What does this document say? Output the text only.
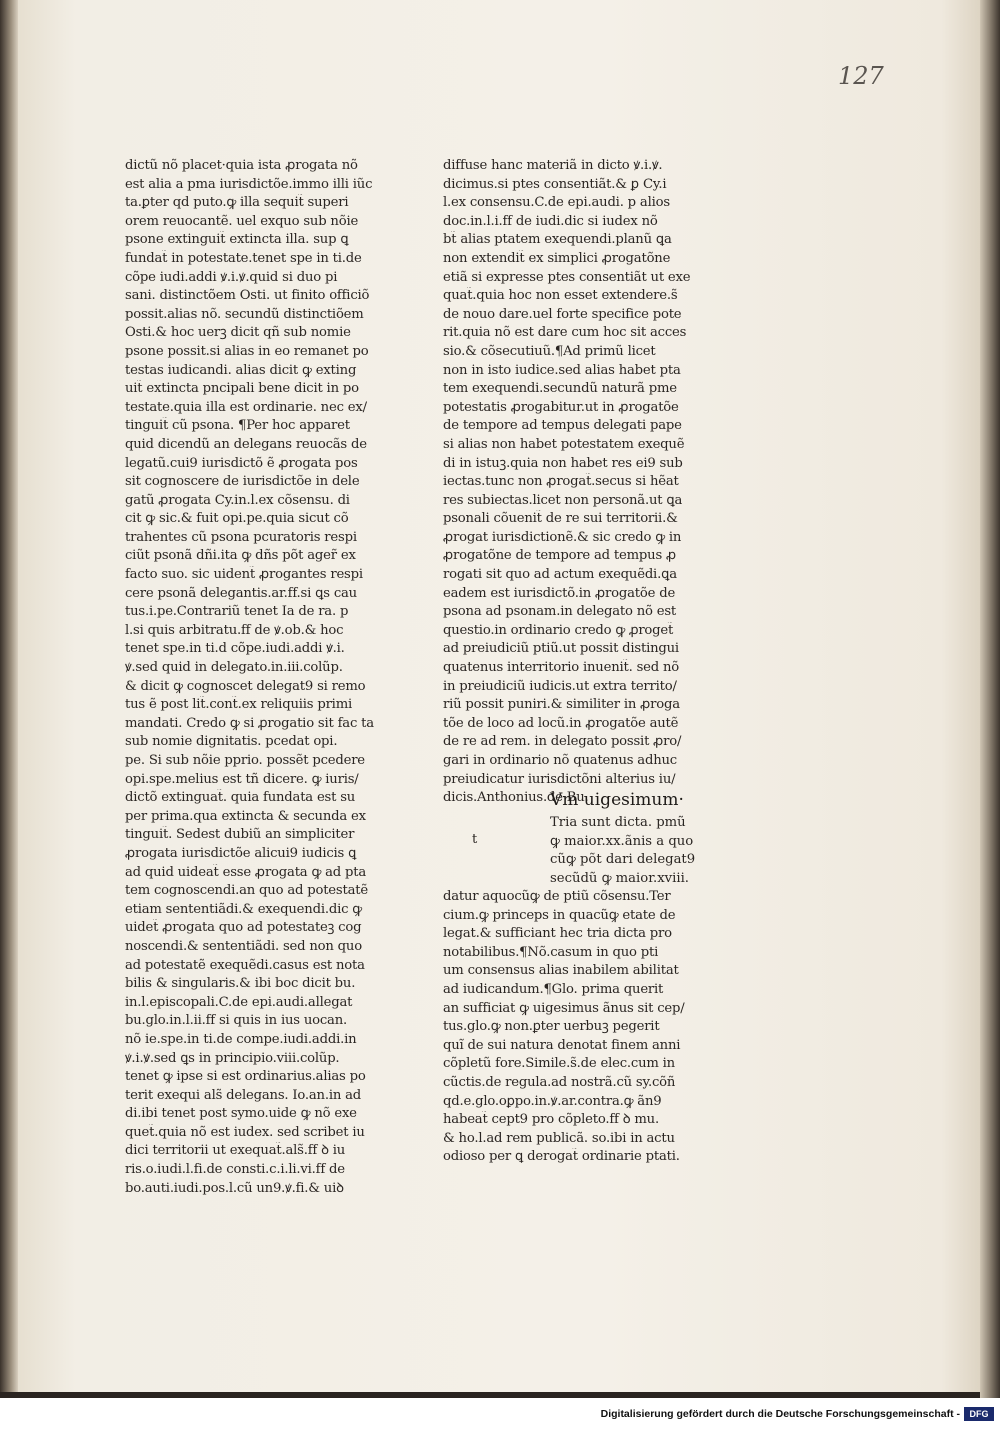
127
dictũ nõ placet·quia ista ꝓrogata nõ
est alia a pma iurisdictõe.immo illi iũc
ta.ꝑter qd puto.ꝙ illa sequit̃ superi
orem reuocantẽ. uel exquo sub nõie
psone extinguit̃ extincta illa. sup ꝗ
fundat̃ in potestate.tenet spe in ti.de
cõpe iudi.addi ꝟ.i.ꝟ.quid si duo pi
sani. distinctõem Osti. ut finito officiõ
possit.alias nõ. secundũ distinctiõem
Osti.& hoc uerꝫ dicit qñ sub nomie
psone possit.si alias in eo remanet po
testas iudicandi. alias dicit ꝙ exting
uit̃ extincta pncipali bene dicit in po
testate.quia illa est ordinarie. nec ex/
tinguit̃ cũ psona. ¶Per hoc apparet
quid dicendũ an delegans reuocãs de
legatũ.cui9 iurisdictõ ẽ ꝓrogata pos
sit cognoscere de iurisdictõe in dele
gatũ ꝓrogata Cy.in.l.ex cõsensu. di
cit ꝙ sic.& fuit opi.pe.quia sicut cõ
trahentes cũ psona pcuratoris respi
ciũt psonã dñi.ita ꝙ dñs põt ager̃ ex
facto suo. sic uident̃ ꝓrogantes respi
cere psonã delegantis.ar.ff.si ꝗs cau
tus.i.pe.Contrariũ tenet Ia de ra. p
l.si quis arbitratu.ff de ꝟ.ob.& hoc
tenet spe.in ti.d cõpe.iudi.addi ꝟ.i.
ꝟ.sed quid in delegato.in.iii.colũp.
& dicit ꝙ cognoscet delegat9 si remo
tus ẽ post lit̃.cont̃.ex reliquiis primi
mandati. Credo ꝙ si ꝓrogatio sit fac ta
sub nomie dignitatis. pcedat opi.
pe. Si sub nõie pprio. possẽt pcedere
opi.spe.melius est tñ dicere. ꝙ iuris/
dictõ extinguat̃. quia fundata est su
per prima.qua extincta & secunda ex
tinguit̃. Sedest dubiũ an simpliciter
ꝓrogata iurisdictõe alicui9 iudicis ꝗ
ad quid uideat̃ esse ꝓrogata ꝙ ad pta
tem cognoscendi.an quo ad potestatẽ
etiam sententiãdi.& exequendi.dic ꝙ
uidet̃ ꝓrogata quo ad potestateꝫ cog
noscendi.& sententiãdi. sed non quo
ad potestatẽ exequẽdi.casus est nota
bilis & singularis.& ibi boc dicit bu.
in.l.episcopali.C.de epi.audi.allegat
bu.glo.in.l.ii.ff si quis in ius uocan.
nõ ie.spe.in ti.de compe.iudi.addi.in
ꝟ.i.ꝟ.sed ꝗs in principio.viii.colũp.
tenet ꝙ ipse si est ordinarius.alias po
terit exequi als̃ delegans. Io.an.in ad
di.ibi tenet post symo.uide ꝙ nõ exe
quet̃.quia nõ est iudex. sed scribet iu
dici territorii ut exequat̃.als̃.ff ꝺ iu
ris.o.iudi.l.fi.de consti.c.i.li.vi.ff de
bo.auti.iudi.pos.l.cũ un9.ꝟ.fi.& uiꝺ
diffuse hanc materiã in dicto ꝟ.i.ꝟ.
dicimus.si ptes consentiãt.& ꝑ Cy.i
l.ex consensu.C.de epi.audi. p alios
doc.in.l.i.ff de iudi.dic si iudex nõ
bt̃ alias ptatem exequendi.planũ ꝗa
non extendit̃ ex simplici ꝓrogatõne
etiã si expresse ptes consentiãt ut exe
quat̃.quia hoc non esset extendere.s̃
de nouo dare.uel forte specifice pote
rit.quia nõ est dare cum hoc sit acces
sio.& cõsecutiuũ.¶Ad primũ licet
non in isto iudice.sed alias habet pta
tem exequendi.secundũ naturã pme
potestatis ꝓrogabitur.ut in ꝓrogatõe
de tempore ad tempus delegati pape
si alias non habet potestatem exequẽ
di in istuꝫ.quia non habet res ei9 sub
iectas.tunc non ꝓrogat̃.secus si hẽat
res subiectas.licet non personã.ut ꝗa
psonali cõuenit̃ de re sui territorii.&
ꝓrogat iurisdictionẽ.& sic credo ꝙ in
ꝓrogatõne de tempore ad tempus ꝓ
rogati sit quo ad actum exequẽdi.ꝗa
eadem est iurisdictõ.in ꝓrogatõe de
psona ad psonam.in delegato nõ est
questio.in ordinario credo ꝙ ꝓroget̃
ad preiudiciũ ptiũ.ut possit distingui
quatenus interritorio inuenit̃. sed nõ
in preiudiciũ iudicis.ut extra territo/
riũ possit puniri.& similiter in ꝓroga
tõe de loco ad locũ.in ꝓrogatõe autẽ
de re ad rem. in delegato possit ꝓro/
gari in ordinario nõ quatenus adhuc
preiudicatur iurisdictõni alterius iu/
dicis.Anthonius.de Bu.
Vm uigesimum·
t
Tria sunt dicta. pmũ
ꝙ maior.xx.ãnis a quo
cũꝙ põt dari delegat9
secũdũ ꝙ maior.xviii.
datur aquocũꝙ de ptiũ cõsensu.Ter
cium.ꝙ princeps in quacũꝙ etate de
legat.& sufficiant hec tria dicta pro
notabilibus.¶Nõ.casum in quo pti
um consensus alias inabilem abilitat
ad iudicandum.¶Glo. prima querit
an sufficiat ꝙ uigesimus ãnus sit cep/
tus.glo.ꝙ non.ꝑter uerbuꝫ pegerit
quĩ de sui natura denotat finem anni
cõpletũ fore.Simile.s̃.de elec.cum in
cũctis.de regula.ad nostrã.cũ sy.cõñ
qd.e.glo.oꝑpo.in.ꝟ.ar.contra.ꝙ ãn9
habeat̃ cept9 pro cõpleto.ff ꝺ mu.
& ho.l.ad rem publicã. so.ibi in actu
odioso per ꝗ derogat̃ ordinarie ptati.
Digitalisierung gefördert durch die Deutsche Forschungsgemeinschaft -	DFG
